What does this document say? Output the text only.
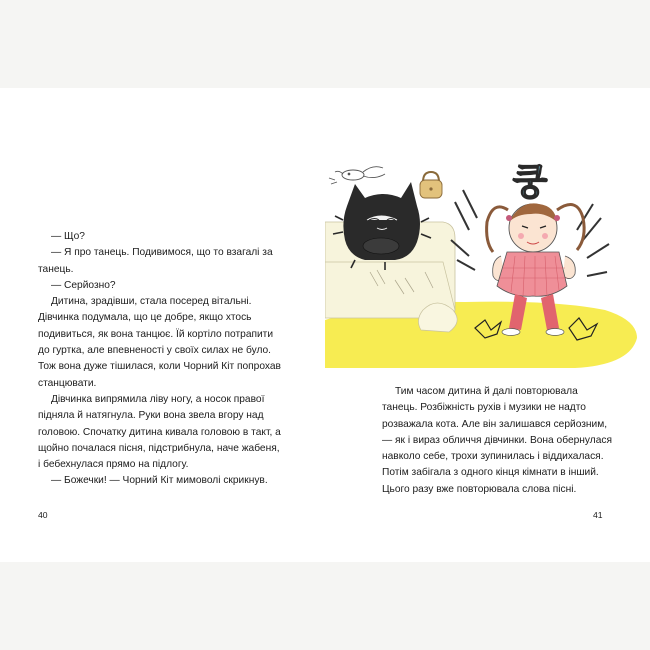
— Що?

— Я про танець. Подивимося, що то взагалі за танець.

— Серйозно?

Дитина, зрадівши, стала посеред вітальні. Дівчинка подумала, що це добре, якщо хтось подивиться, як вона танцює. Їй кортіло потрапити до гуртка, але впевненості у своїх силах не було. Тож вона дуже тішилася, коли Чорний Кіт попрохав станцювати.

Дівчинка випрямила ліву ногу, а носок правої підняла й натягнула. Руки вона звела вгору над головою. Спочатку дитина кивала головою в такт, а щойно почалася пісня, підстрибнула, наче жабеня, і бебехнулася прямо на підлогу.

— Божечки! — Чорний Кіт мимоволі скрикнув.

40
쿵

Тим часом дитина й далі повторювала танець. Розбіжність рухів і музики не надто розважала кота. Але він залишався серйозним, — як і вираз обличчя дівчинки. Вона обернулася навколо себе, трохи зупинилась і віддихалася. Потім забігала з одного кінця кімнати в інший. Цього разу вже повторювала слова пісні.

41
